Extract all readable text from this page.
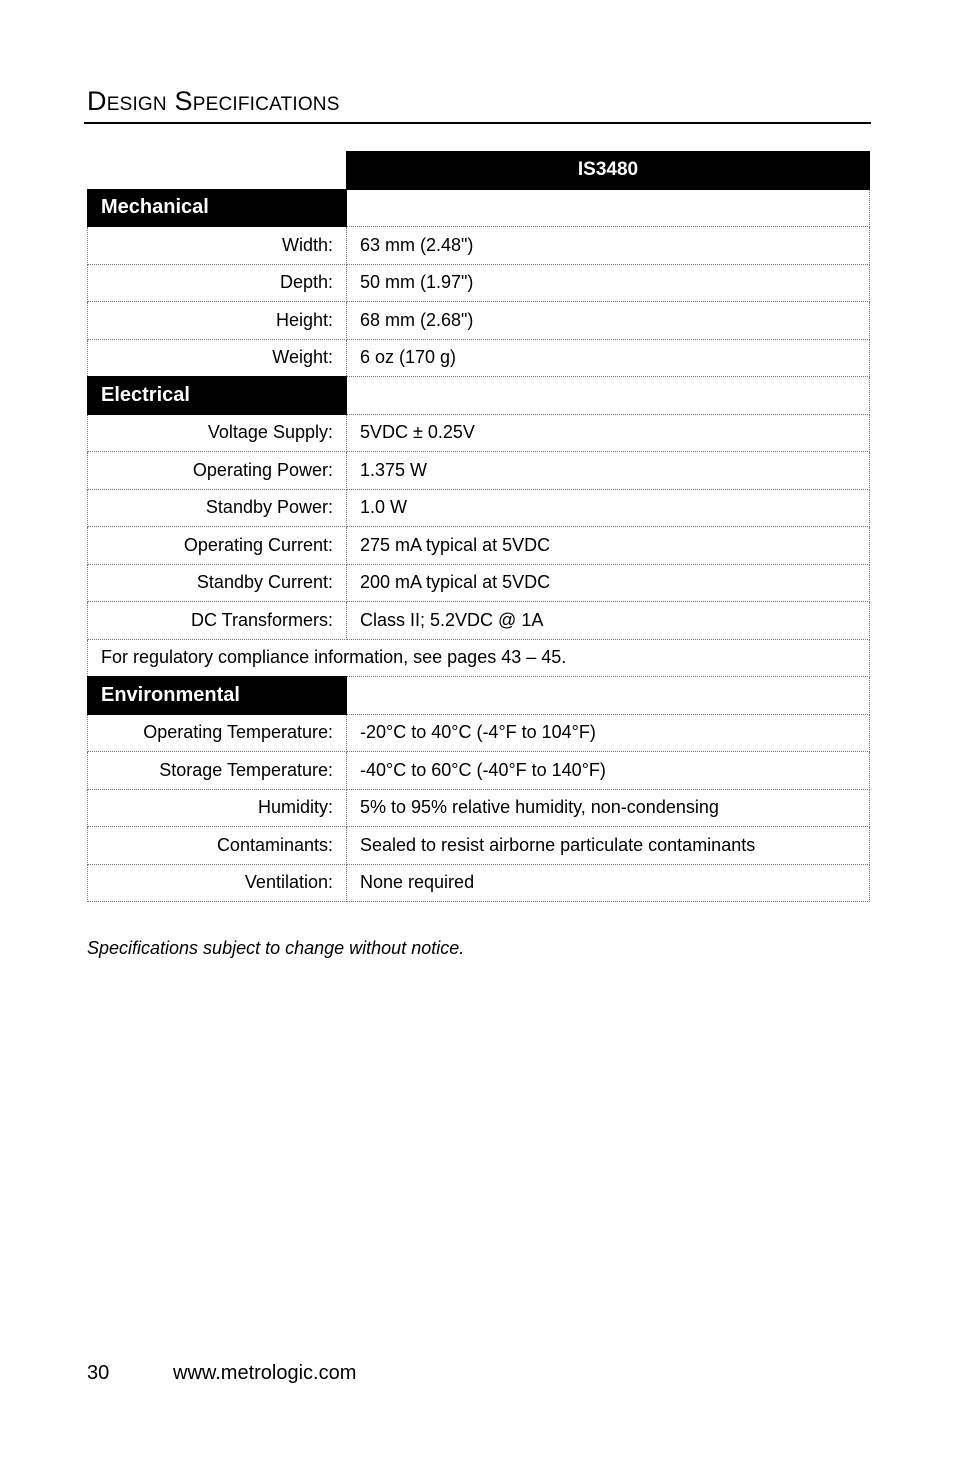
Design Specifications
	IS3480
Mechanical	
Width:	63 mm (2.48")
Depth:	50 mm (1.97")
Height:	68 mm (2.68")
Weight:	6 oz (170 g)
Electrical	
Voltage Supply:	5VDC ± 0.25V
Operating Power:	1.375 W
Standby Power:	1.0 W
Operating Current:	275 mA typical at 5VDC
Standby Current:	200 mA typical at 5VDC
DC Transformers:	Class II; 5.2VDC @ 1A
For regulatory compliance information, see pages 43 – 45.	
Environmental	
Operating Temperature:	-20°C to 40°C (-4°F to 104°F)
Storage Temperature:	-40°C to 60°C (-40°F to 140°F)
Humidity:	5% to 95% relative humidity, non-condensing
Contaminants:	Sealed to resist airborne particulate contaminants
Ventilation:	None required
Specifications subject to change without notice.
30	www.metrologic.com
